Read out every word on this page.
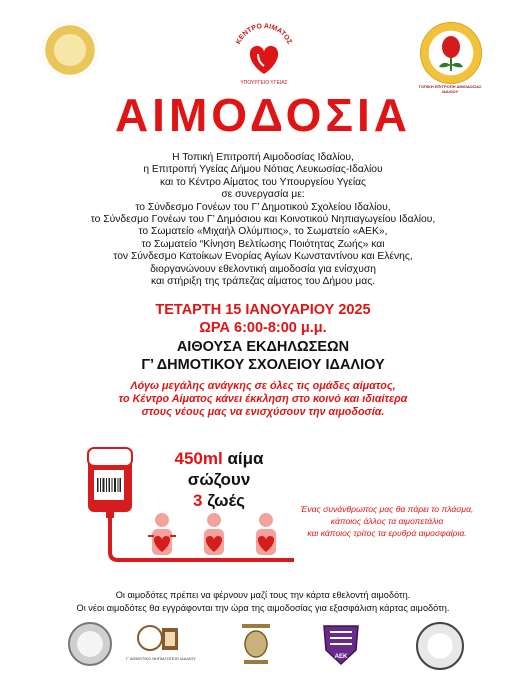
ΚΕΝΤΡΟ ΑΙΜΑΤΟΣ
ΥΠΟΥΡΓΕΙΟ ΥΓΕΙΑΣ
ΤΟΠΙΚΗ ΕΠΙΤΡΟΠΗ ΑΙΜΟΔΟΣΙΑΣ ΙΔΑΛΙΟΥ
ΑΙΜΟΔΟΣΙΑ
Η Τοπική Επιτροπή Αιμοδοσίας Ιδαλίου,
η Επιτροπή Υγείας Δήμου Νότιας Λευκωσίας-Ιδαλίου
και το Κέντρο Αίματος του Υπουργείου Υγείας
σε συνεργασία με:
το Σύνδεσμο Γονέων του Γ’ Δημοτικού Σχολείου Ιδαλίου,
το Σύνδεσμο Γονέων του Γ’ Δημόσιου και Κοινοτικού Νηπιαγωγείου Ιδαλίου,
το Σωματείο «Μιχαήλ Ολύμπιος», το Σωματείο «ΑΕΚ»,
το Σωματείο “Κίνηση Βελτίωσης Ποιότητας Ζωής» και
τον Σύνδεσμο Κατοίκων Ενορίας Αγίων Κωνσταντίνου και Ελένης,
διοργανώνουν εθελοντική αιμοδοσία για ενίσχυση
και στήριξη της τράπεζας αίματος του Δήμου μας.
ΤΕΤΑΡΤΗ 15 ΙΑΝΟΥΑΡΙΟΥ 2025
ΩΡΑ 6:00-8:00 μ.μ.
ΑΙΘΟΥΣΑ ΕΚΔΗΛΩΣΕΩΝ
Γ’ ΔΗΜΟΤΙΚΟΥ ΣΧΟΛΕΙΟΥ ΙΔΑΛΙΟΥ
Λόγω μεγάλης ανάγκης σε όλες τις ομάδες αίματος,
το Κέντρο Αίματος κάνει έκκληση στο κοινό και ιδιαίτερα
στους νέους μας να ενισχύσουν την αιμοδοσία.
450ml αίμα
σώζουν
3 ζωές	Ένας συνάνθρωπος μας θα πάρει το πλάσμα,
κάποιος άλλος τα αιμοπετάλια
και κάποιος τρίτος τα ερυθρά αιμοσφαίρια.
Οι αιμοδότες πρέπει να φέρνουν μαζί τους την κάρτα εθελοντή αιμοδότη.
Οι νέοι αιμοδότες θα εγγράφονται την ώρα της αιμοδοσίας για εξασφάλιση κάρτας αιμοδότη.
Γ’ ΔΗΜΟΤΙΚΟ ΝΗΠΙΑΓΩΓΕΙΟ ΙΔΑΛΙΟΥ	AEK
